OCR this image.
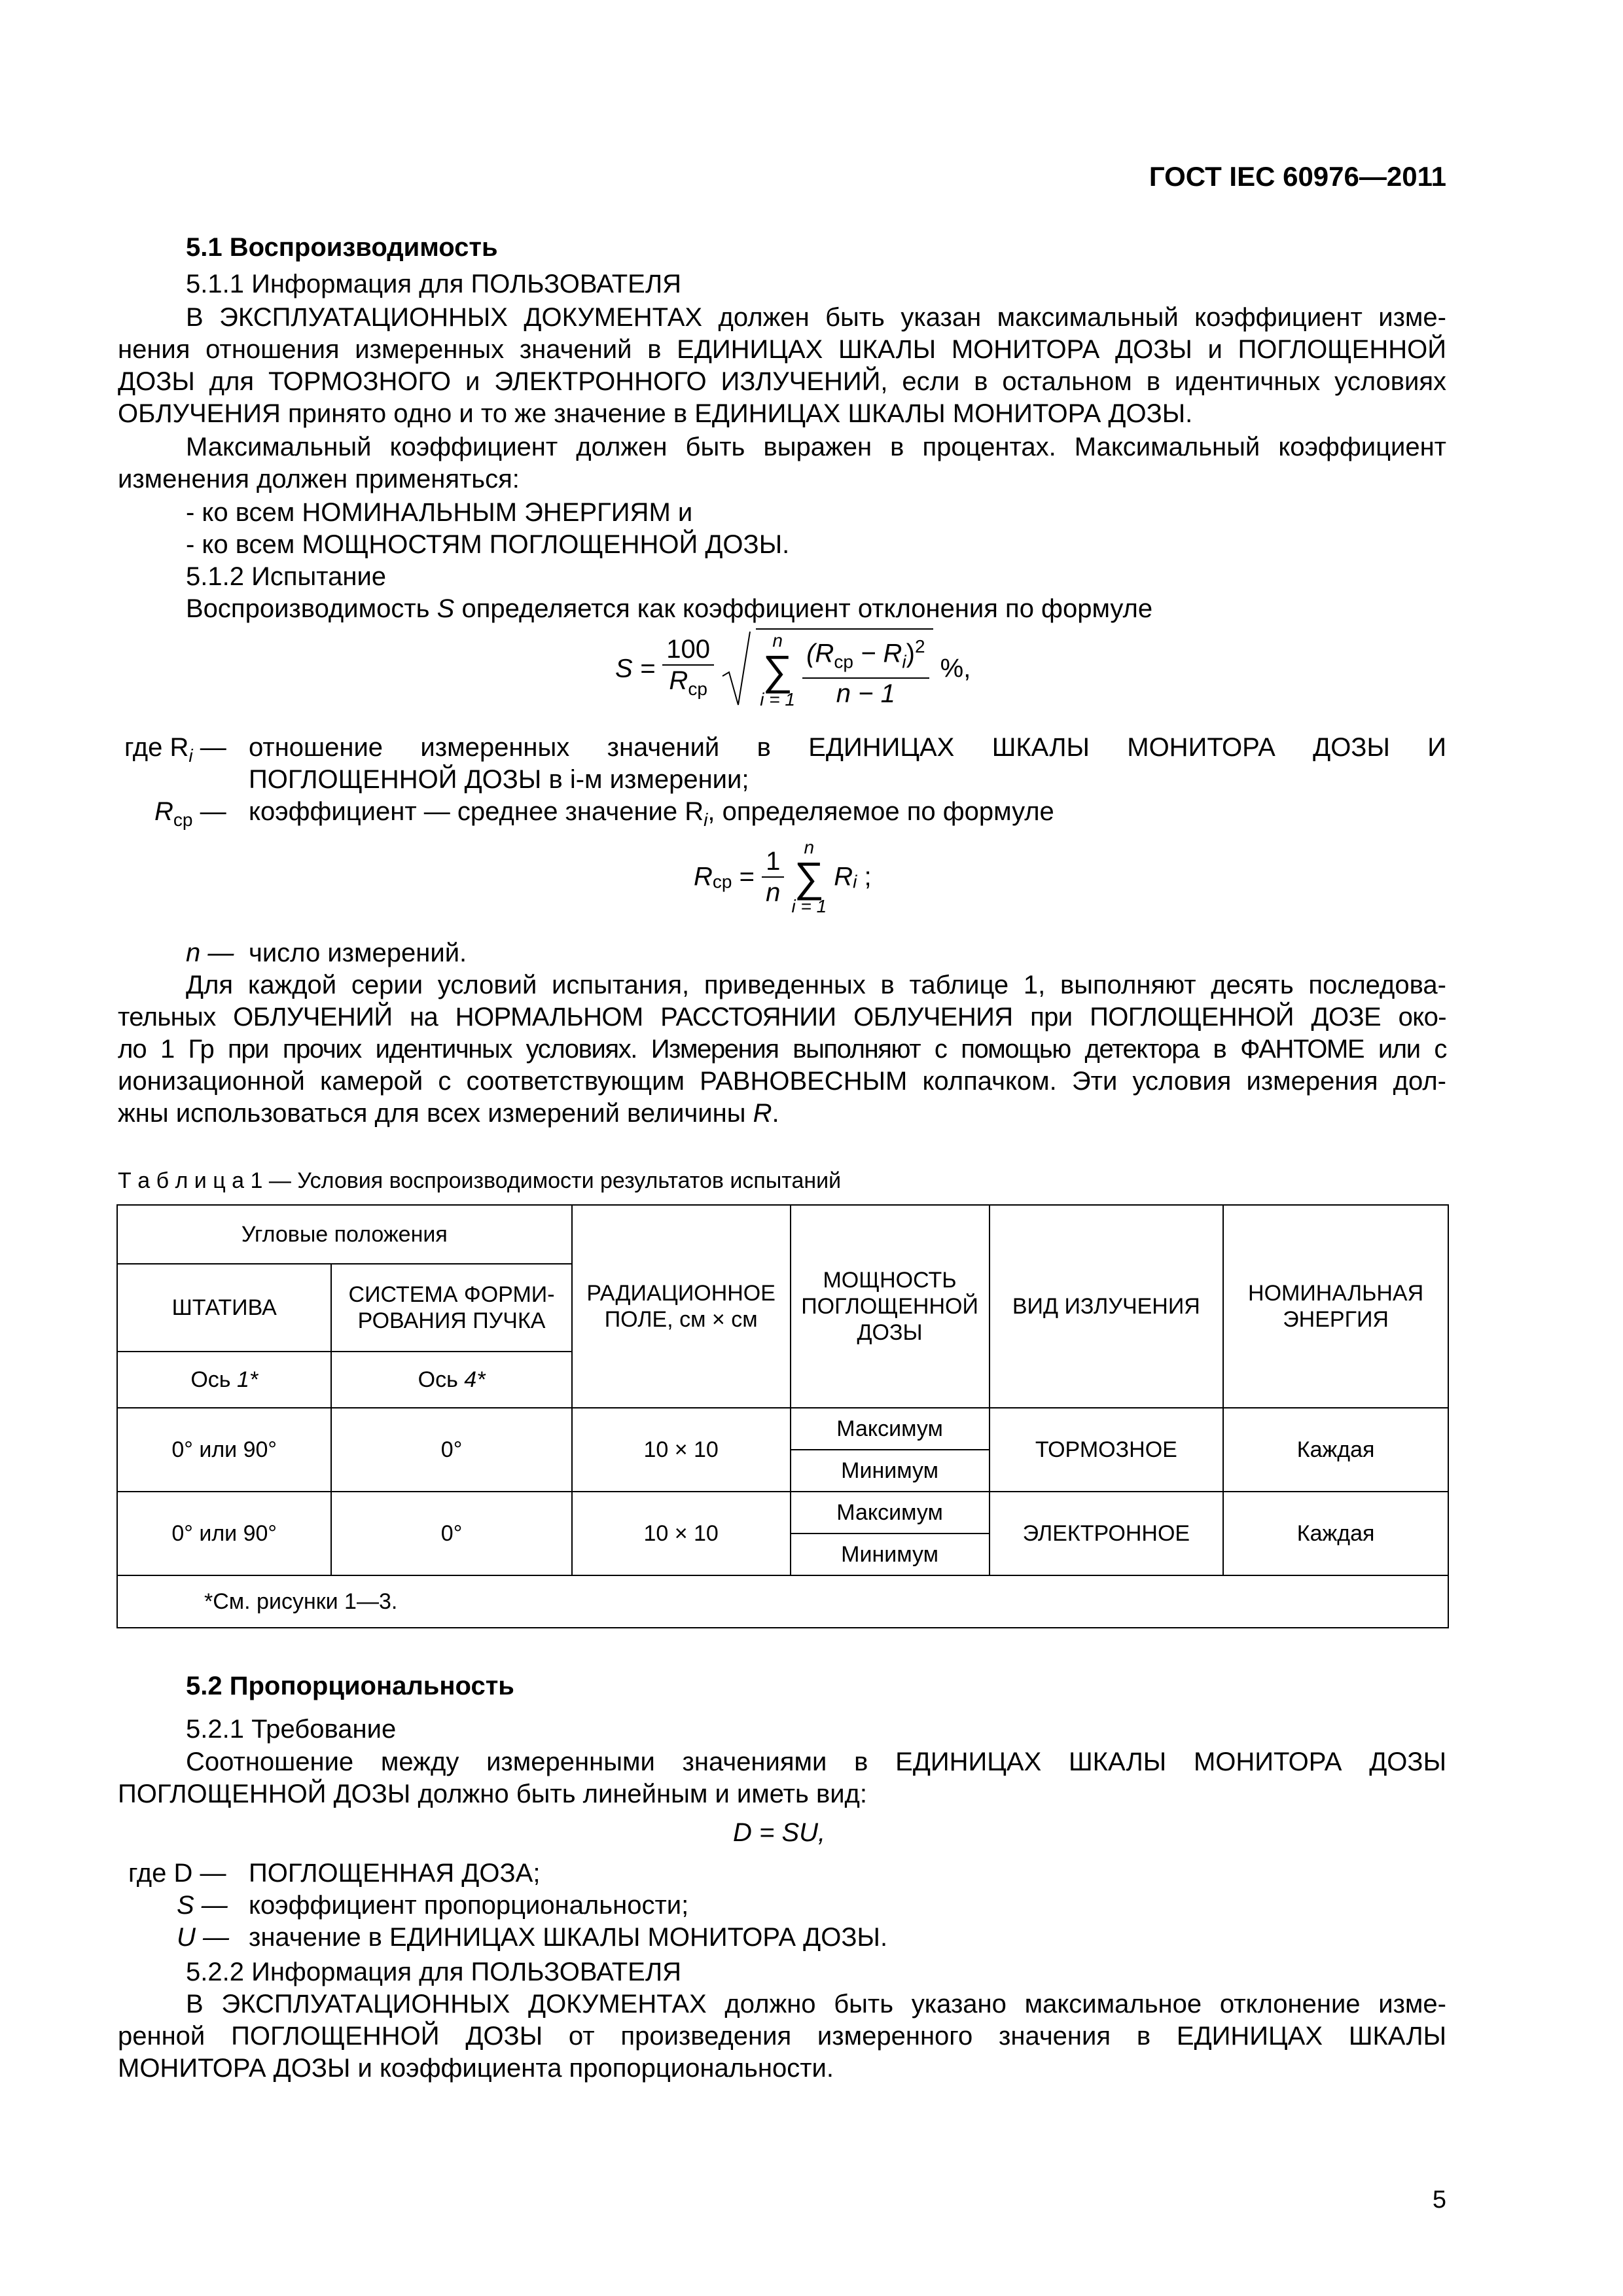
ГОСТ IEC 60976—2011
5.1 Воспроизводимость
5.1.1 Информация для ПОЛЬЗОВАТЕЛЯ
В ЭКСПЛУАТАЦИОННЫХ ДОКУМЕНТАХ должен быть указан максимальный коэффициент изме-
нения отношения измеренных значений в ЕДИНИЦАХ ШКАЛЫ МОНИТОРА ДОЗЫ и ПОГЛОЩЕННОЙ
ДОЗЫ для ТОРМОЗНОГО и ЭЛЕКТРОННОГО ИЗЛУЧЕНИЙ, если в остальном в идентичных условиях
ОБЛУЧЕНИЯ принято одно и то же значение в ЕДИНИЦАХ ШКАЛЫ МОНИТОРА ДОЗЫ.
Максимальный коэффициент должен быть выражен в процентах. Максимальный коэффициент
изменения должен применяться:
- ко всем НОМИНАЛЬНЫМ ЭНЕРГИЯМ и
- ко всем МОЩНОСТЯМ ПОГЛОЩЕННОЙ ДОЗЫ.
5.1.2 Испытание
Воспроизводимость S определяется как коэффициент отклонения по формуле
$S = \frac{100}{R_{ср}}$
	n
∑
i = 1
$\frac{(R_{ср} - R_i)^2}{n - 1}$ %,
где $R_i$ — отношение измеренных значений в ЕДИНИЦАХ ШКАЛЫ МОНИТОРА ДОЗЫ И
ПОГЛОЩЕННОЙ ДОЗЫ в i-м измерении;
$R_{ср}$ — коэффициент — среднее значение $R_i$, определяемое по формуле
$R_{ср} = \frac{1}{n}$
n
∑
i = 1
$R_i$ ;
n — число измерений.
Для каждой серии условий испытания, приведенных в таблице 1, выполняют десять последова-
тельных ОБЛУЧЕНИЙ на НОРМАЛЬНОМ РАССТОЯНИИ ОБЛУЧЕНИЯ при ПОГЛОЩЕННОЙ ДОЗЕ око-
ло 1 Гр при прочих идентичных условиях. Измерения выполняют с помощью детектора в ФАНТОМЕ или с
ионизационной камерой с соответствующим РАВНОВЕСНЫМ колпачком. Эти условия измерения дол-
жны использоваться для всех измерений величины R.
Т а б л и ц а 1 — Условия воспроизводимости результатов испытаний
Угловые положения		РАДИАЦИОННОЕ ПОЛЕ, см × см	МОЩНОСТЬ ПОГЛОЩЕННОЙ ДОЗЫ	ВИД ИЗЛУЧЕНИЯ	НОМИНАЛЬНАЯ ЭНЕРГИЯ
ШТАТИВА	СИСТЕМА ФОРМИ-РОВАНИЯ ПУЧКА				
Ось 1*	Ось 4*				
0° или 90°	0°	10 × 10	Максимум	ТОРМОЗНОЕ	Каждая
			Минимум		
0° или 90°	0°	10 × 10	Максимум	ЭЛЕКТРОННОЕ	Каждая
			Минимум		
*См. рисунки 1—3.					
5.2 Пропорциональность
5.2.1 Требование
Соотношение между измеренными значениями в ЕДИНИЦАХ ШКАЛЫ МОНИТОРА ДОЗЫ
ПОГЛОЩЕННОЙ ДОЗЫ должно быть линейным и иметь вид:
D = SU,
где D — ПОГЛОЩЕННАЯ ДОЗА;
S — коэффициент пропорциональности;
U — значение в ЕДИНИЦАХ ШКАЛЫ МОНИТОРА ДОЗЫ.
5.2.2 Информация для ПОЛЬЗОВАТЕЛЯ
В ЭКСПЛУАТАЦИОННЫХ ДОКУМЕНТАХ должно быть указано максимальное отклонение изме-
ренной ПОГЛОЩЕННОЙ ДОЗЫ от произведения измеренного значения в ЕДИНИЦАХ ШКАЛЫ
МОНИТОРА ДОЗЫ и коэффициента пропорциональности.
5
